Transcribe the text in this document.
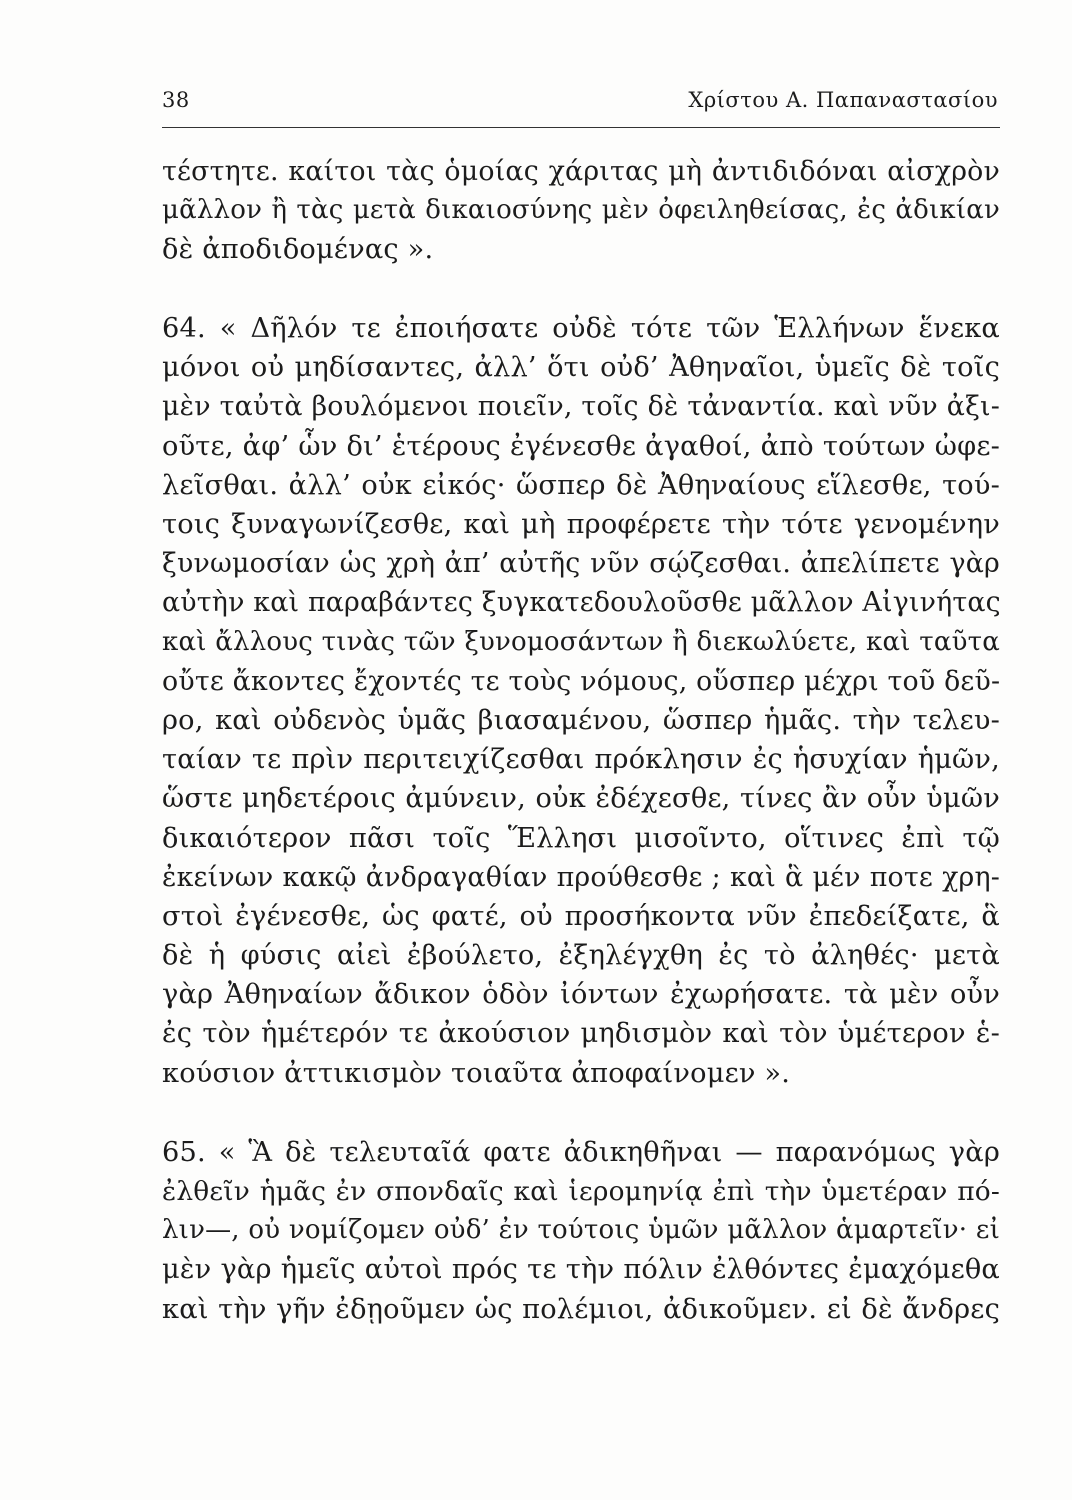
38	Χρίστου Α. Παπαναστασίου
τέστητε. καίτοι τὰς ὁμοίας χάριτας μὴ ἀντιδιδόναι αἰσχρὸν
μᾶλλον ἢ τὰς μετὰ δικαιοσύνης μὲν ὀφειληθείσας, ἐς ἀδικίαν
δὲ ἀποδιδομένας ».
64. « Δῆλόν τε ἐποιήσατε οὐδὲ τότε τῶν Ἑλλήνων ἕνεκα
μόνοι οὐ μηδίσαντες, ἀλλ’ ὅτι οὐδ’ Ἀθηναῖοι, ὑμεῖς δὲ τοῖς
μὲν ταὐτὰ βουλόμενοι ποιεῖν, τοῖς δὲ τἀναντία. καὶ νῦν ἀξι-
οῦτε, ἀφ’ ὧν δι’ ἑτέρους ἐγένεσθε ἀγαθοί, ἀπὸ τούτων ὠφε-
λεῖσθαι. ἀλλ’ οὐκ εἰκός· ὥσπερ δὲ Ἀθηναίους εἵλεσθε, τού-
τοις ξυναγωνίζεσθε, καὶ μὴ προφέρετε τὴν τότε γενομένην
ξυνωμοσίαν ὡς χρὴ ἀπ’ αὐτῆς νῦν σῴζεσθαι. ἀπελίπετε γὰρ
αὐτὴν καὶ παραβάντες ξυγκατεδουλοῦσθε μᾶλλον Αἰγινήτας
καὶ ἄλλους τινὰς τῶν ξυνομοσάντων ἢ διεκωλύετε, καὶ ταῦτα
οὔτε ἄκοντες ἔχοντές τε τοὺς νόμους, οὕσπερ μέχρι τοῦ δεῦ-
ρο, καὶ οὐδενὸς ὑμᾶς βιασαμένου, ὥσπερ ἡμᾶς. τὴν τελευ-
ταίαν τε πρὶν περιτειχίζεσθαι πρόκλησιν ἐς ἡσυχίαν ἡμῶν,
ὥστε μηδετέροις ἀμύνειν, οὐκ ἐδέχεσθε, τίνες ἂν οὖν ὑμῶν
δικαιότερον πᾶσι τοῖς Ἕλλησι μισοῖντο, οἵτινες ἐπὶ τῷ
ἐκείνων κακῷ ἀνδραγαθίαν προύθεσθε ; καὶ ἃ μέν ποτε χρη-
στοὶ ἐγένεσθε, ὡς φατέ, οὐ προσήκοντα νῦν ἐπεδείξατε, ἃ
δὲ ἡ φύσις αἰεὶ ἐβούλετο, ἐξηλέγχθη ἐς τὸ ἀληθές· μετὰ
γὰρ Ἀθηναίων ἄδικον ὁδὸν ἰόντων ἐχωρήσατε. τὰ μὲν οὖν
ἐς τὸν ἡμέτερόν τε ἀκούσιον μηδισμὸν καὶ τὸν ὑμέτερον ἑ-
κούσιον ἀττικισμὸν τοιαῦτα ἀποφαίνομεν ».
65. « Ἃ δὲ τελευταῖά φατε ἀδικηθῆναι — παρανόμως γὰρ
ἐλθεῖν ἡμᾶς ἐν σπονδαῖς καὶ ἱερομηνίᾳ ἐπὶ τὴν ὑμετέραν πό-
λιν—, οὐ νομίζομεν οὐδ’ ἐν τούτοις ὑμῶν μᾶλλον ἁμαρτεῖν· εἰ
μὲν γὰρ ἡμεῖς αὐτοὶ πρός τε τὴν πόλιν ἐλθόντες ἐμαχόμεθα
καὶ τὴν γῆν ἐδῃοῦμεν ὡς πολέμιοι, ἀδικοῦμεν. εἰ δὲ ἄνδρες
